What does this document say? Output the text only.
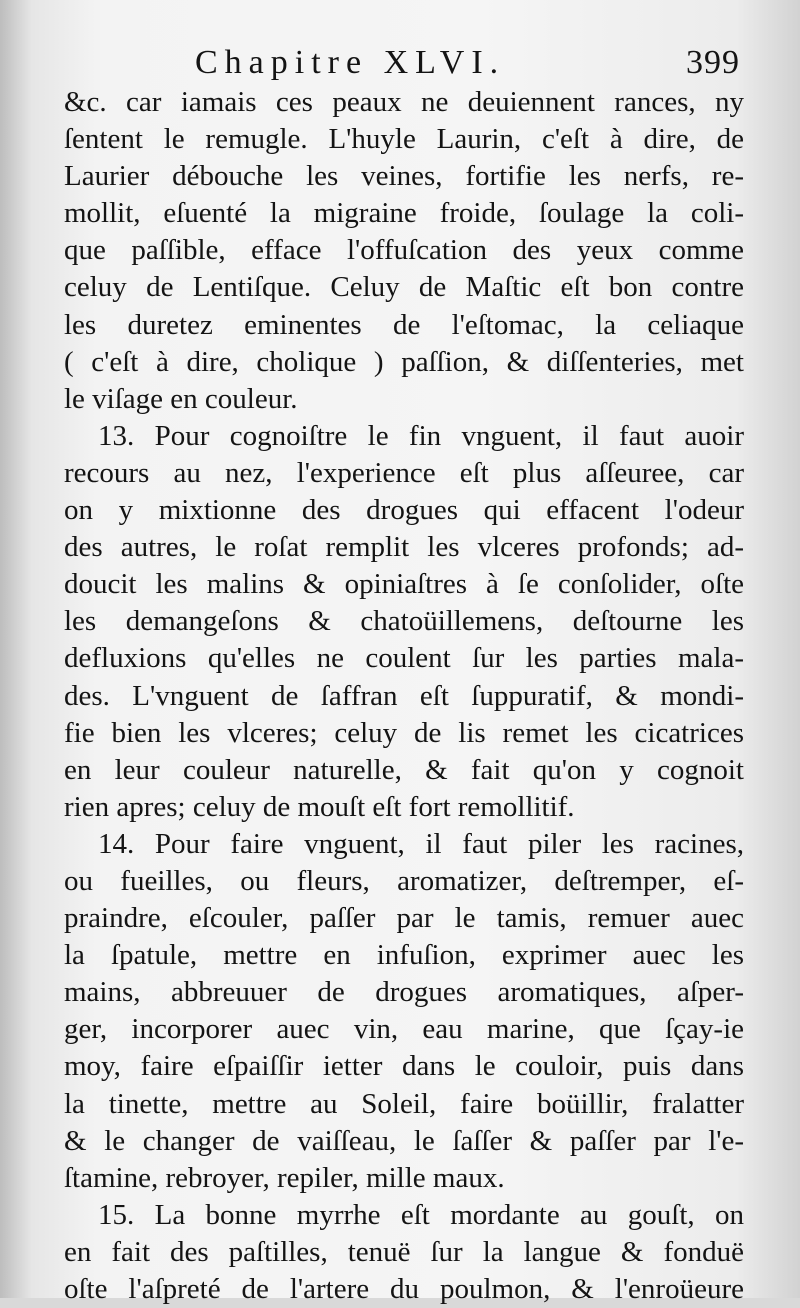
Chapitre XLVI.	399
&c. car iamais ces peaux ne deuiennent rances, ny
ſentent le remugle. L'huyle Laurin, c'eſt à dire, de
Laurier débouche les veines, fortifie les nerfs, re-
mollit, eſuenté la migraine froide, ſoulage la coli-
que paſſible, efface l'offuſcation des yeux comme
celuy de Lentiſque. Celuy de Maſtic eſt bon contre
les duretez eminentes de l'eſtomac, la celiaque
( c'eſt à dire, cholique ) paſſion, & diſſenteries, met
le viſage en couleur.
13. Pour cognoiſtre le fin vnguent, il faut auoir
recours au nez, l'experience eſt plus aſſeuree, car
on y mixtionne des drogues qui effacent l'odeur
des autres, le roſat remplit les vlceres profonds; ad-
doucit les malins & opiniaſtres à ſe conſolider, oſte
les demangeſons & chatoüillemens, deſtourne les
defluxions qu'elles ne coulent ſur les parties mala-
des. L'vnguent de ſaffran eſt ſuppuratif, & mondi-
fie bien les vlceres; celuy de lis remet les cicatrices
en leur couleur naturelle, & fait qu'on y cognoit
rien apres; celuy de mouſt eſt fort remollitif.
14. Pour faire vnguent, il faut piler les racines,
ou fueilles, ou fleurs, aromatizer, deſtremper, eſ-
praindre, eſcouler, paſſer par le tamis, remuer auec
la ſpatule, mettre en infuſion, exprimer auec les
mains, abbreuuer de drogues aromatiques, aſper-
ger, incorporer auec vin, eau marine, que ſçay-ie
moy, faire eſpaiſſir ietter dans le couloir, puis dans
la tinette, mettre au Soleil, faire boüillir, fralatter
& le changer de vaiſſeau, le ſaſſer & paſſer par l'e-
ſtamine, rebroyer, repiler, mille maux.
15. La bonne myrrhe eſt mordante au gouſt, on
en fait des paſtilles, tenuë ſur la langue & fonduë
oſte l'aſpreté de l'artere du poulmon, & l'enroüeure
